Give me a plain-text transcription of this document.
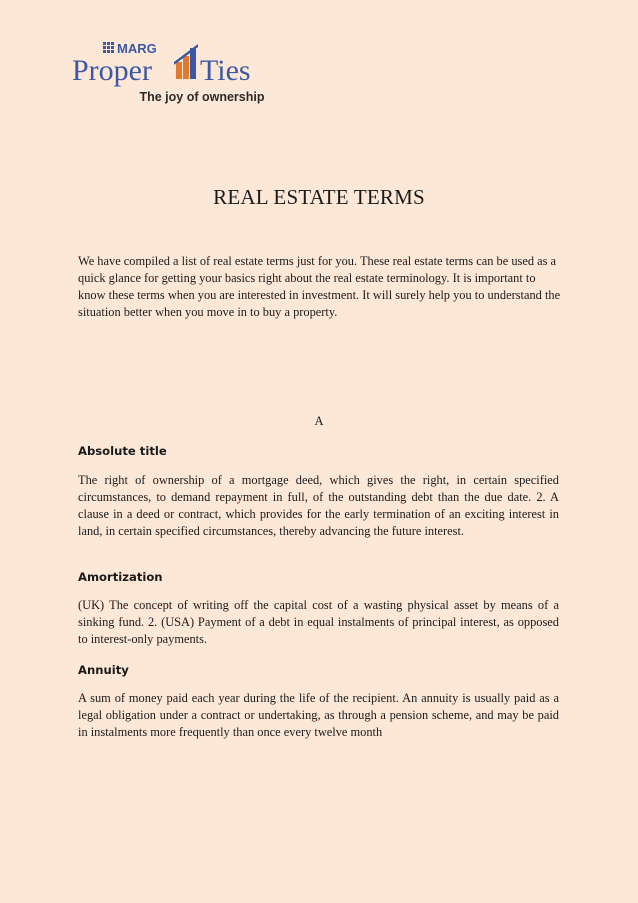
MARG
Proper Ties
The joy of ownership
REAL ESTATE TERMS

We have compiled a list of real estate terms just for you. These real estate terms can be used as a quick glance for getting your basics right about the real estate terminology. It is important to know these terms when you are interested in investment. It will surely help you to understand the situation better when you move in to buy a property.

A
Absolute title

The right of ownership of a mortgage deed, which gives the right, in certain specified circumstances, to demand repayment in full, of the outstanding debt than the due date. 2. A clause in a deed or contract, which provides for the early termination of an exciting interest in land, in certain specified circumstances, thereby advancing the future interest.

Amortization

(UK) The concept of writing off the capital cost of a wasting physical asset by means of a sinking fund. 2. (USA) Payment of a debt in equal instalments of principal interest, as opposed to interest-only payments.

Annuity

A sum of money paid each year during the life of the recipient. An annuity is usually paid as a legal obligation under a contract or undertaking, as through a pension scheme, and may be paid in instalments more frequently than once every twelve month
